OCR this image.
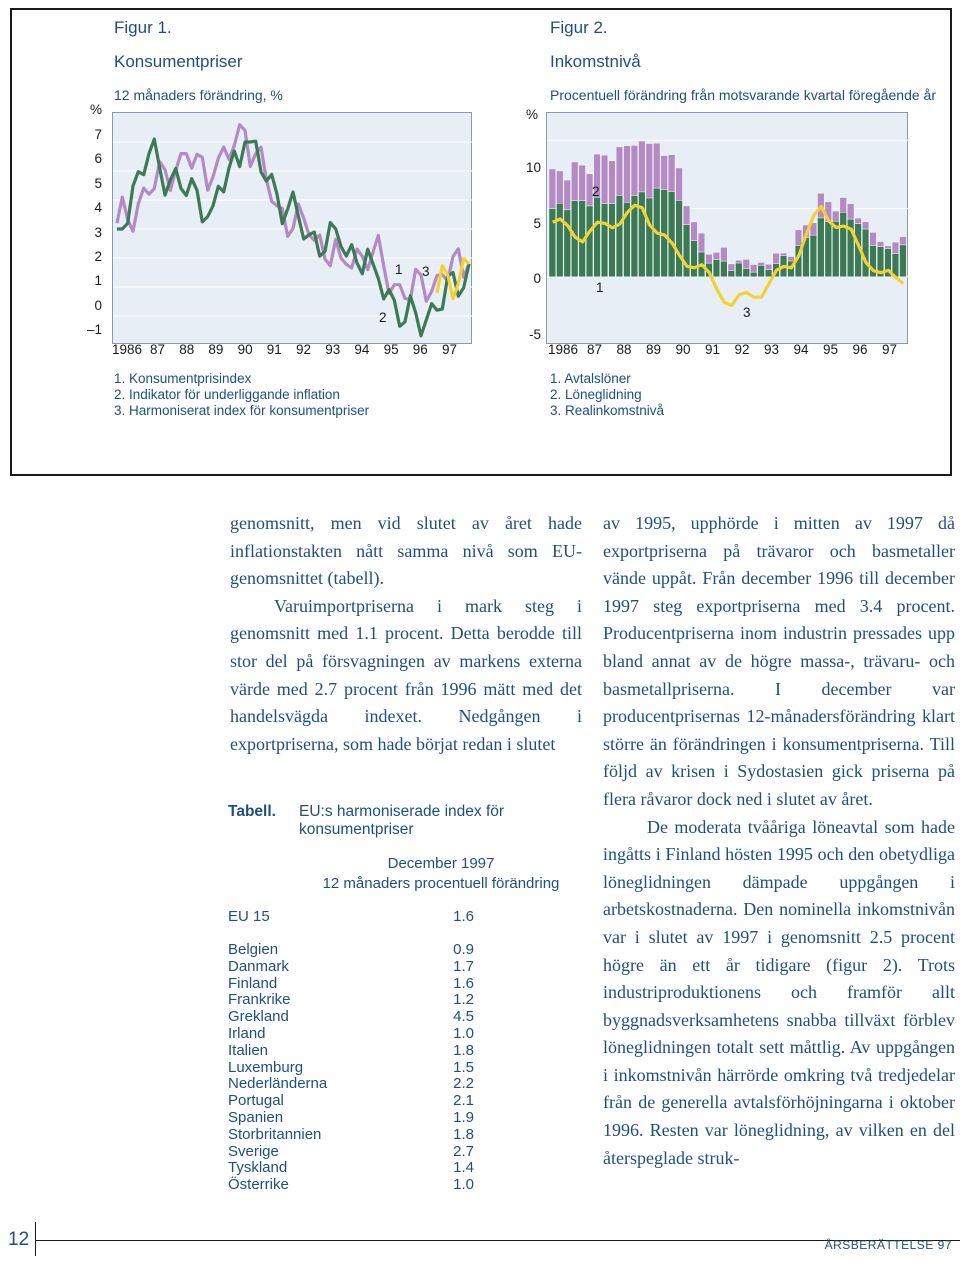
Figur 1.
Konsumentpriser
12 månaders förändring, %
%
7
6
5
4
3
2
1
0
–1
1986 87 88 89 90 91 92 93 94 95 96 97
1
2
3
1. Konsumentprisindex
2. Indikator för underliggande inflation
3. Harmoniserat index för konsumentpriser
Figur 2.
Inkomstnivå
Procentuell förändring från motsvarande kvartal föregående år
%
10
5
0
-5
1986 87 88 89 90 91 92 93 94 95 96 97
2
1
3
1. Avtalslöner
2. Löneglidning
3. Realinkomstnivå

genomsnitt, men vid slutet av året hade inflationstakten nått samma nivå som EU-genomsnittet (tabell).

Varuimportpriserna i mark steg i genomsnitt med 1.1 procent. Detta berodde till stor del på försvagningen av markens externa värde med 2.7 procent från 1996 mätt med det handelsvägda indexet. Nedgången i exportpriserna, som hade börjat redan i slutet

av 1995, upphörde i mitten av 1997 då exportpriserna på trävaror och basmetaller vände uppåt. Från december 1996 till december 1997 steg exportpriserna med 3.4 procent. Producentpriserna inom industrin pressades upp bland annat av de högre massa-, trävaru- och basmetallpriserna. I december var producentprisernas 12-månadersförändring klart större än förändringen i konsumentpriserna. Till följd av krisen i Sydostasien gick priserna på flera råvaror dock ned i slutet av året.

De moderata tvååriga löneavtal som hade ingåtts i Finland hösten 1995 och den obetydliga löneglidningen dämpade uppgången i arbetskostnaderna. Den nominella inkomstnivån var i slutet av 1997 i genomsnitt 2.5 procent högre än ett år tidigare (figur 2). Trots industriproduktionens och framför allt byggnadsverksamhetens snabba tillväxt förblev löneglidningen totalt sett måttlig. Av uppgången i inkomstnivån härrörde omkring två tredjedelar från de generella avtalsförhöjningarna i oktober 1996. Resten var löneglidning, av vilken en del återspeglade struk-

Tabell. EU:s harmoniserade index för konsumentpriser
December 1997
12 månaders procentuell förändring
EU 15	1.6
Belgien	0.9
Danmark	1.7
Finland	1.6
Frankrike	1.2
Grekland	4.5
Irland	1.0
Italien	1.8
Luxemburg	1.5
Nederländerna	2.2
Portugal	2.1
Spanien	1.9
Storbritannien	1.8
Sverige	2.7
Tyskland	1.4
Österrike	1.0
12	ÅRSBERÄTTELSE 97
